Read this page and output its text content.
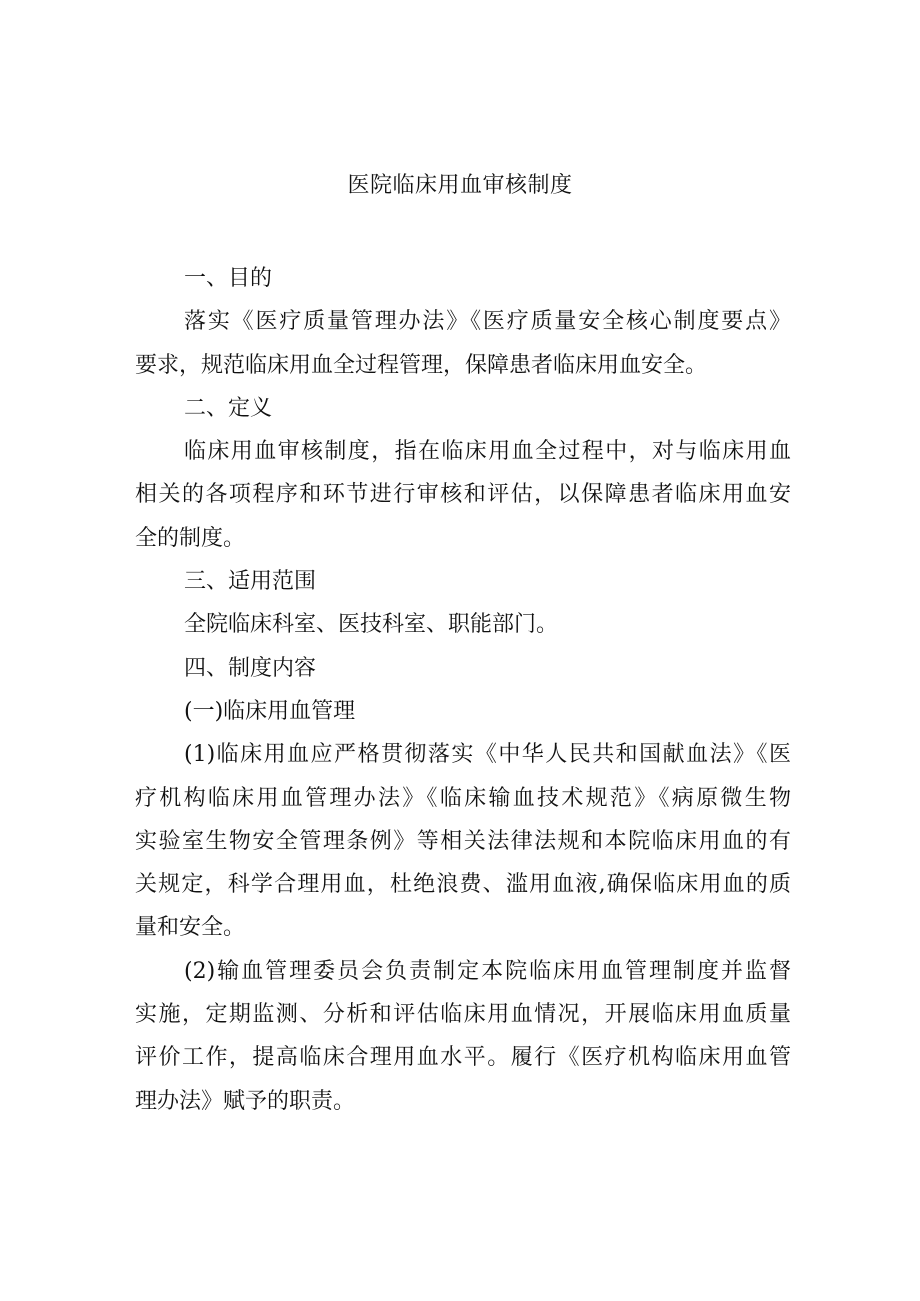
医院临床用血审核制度
一、目的
落实《医疗质量管理办法》《医疗质量安全核心制度要点》
要求，规范临床用血全过程管理，保障患者临床用血安全。
二、定义
临床用血审核制度，指在临床用血全过程中，对与临床用血
相关的各项程序和环节进行审核和评估，以保障患者临床用血安
全的制度。
三、适用范围
全院临床科室、医技科室、职能部门。
四、制度内容
(一)临床用血管理
(1)临床用血应严格贯彻落实《中华人民共和国献血法》《医
疗机构临床用血管理办法》《临床输血技术规范》《病原微生物
实验室生物安全管理条例》等相关法律法规和本院临床用血的有
关规定，科学合理用血，杜绝浪费、滥用血液,确保临床用血的质
量和安全。
(2)输血管理委员会负责制定本院临床用血管理制度并监督
实施，定期监测、分析和评估临床用血情况，开展临床用血质量
评价工作，提高临床合理用血水平。履行《医疗机构临床用血管
理办法》赋予的职责。
